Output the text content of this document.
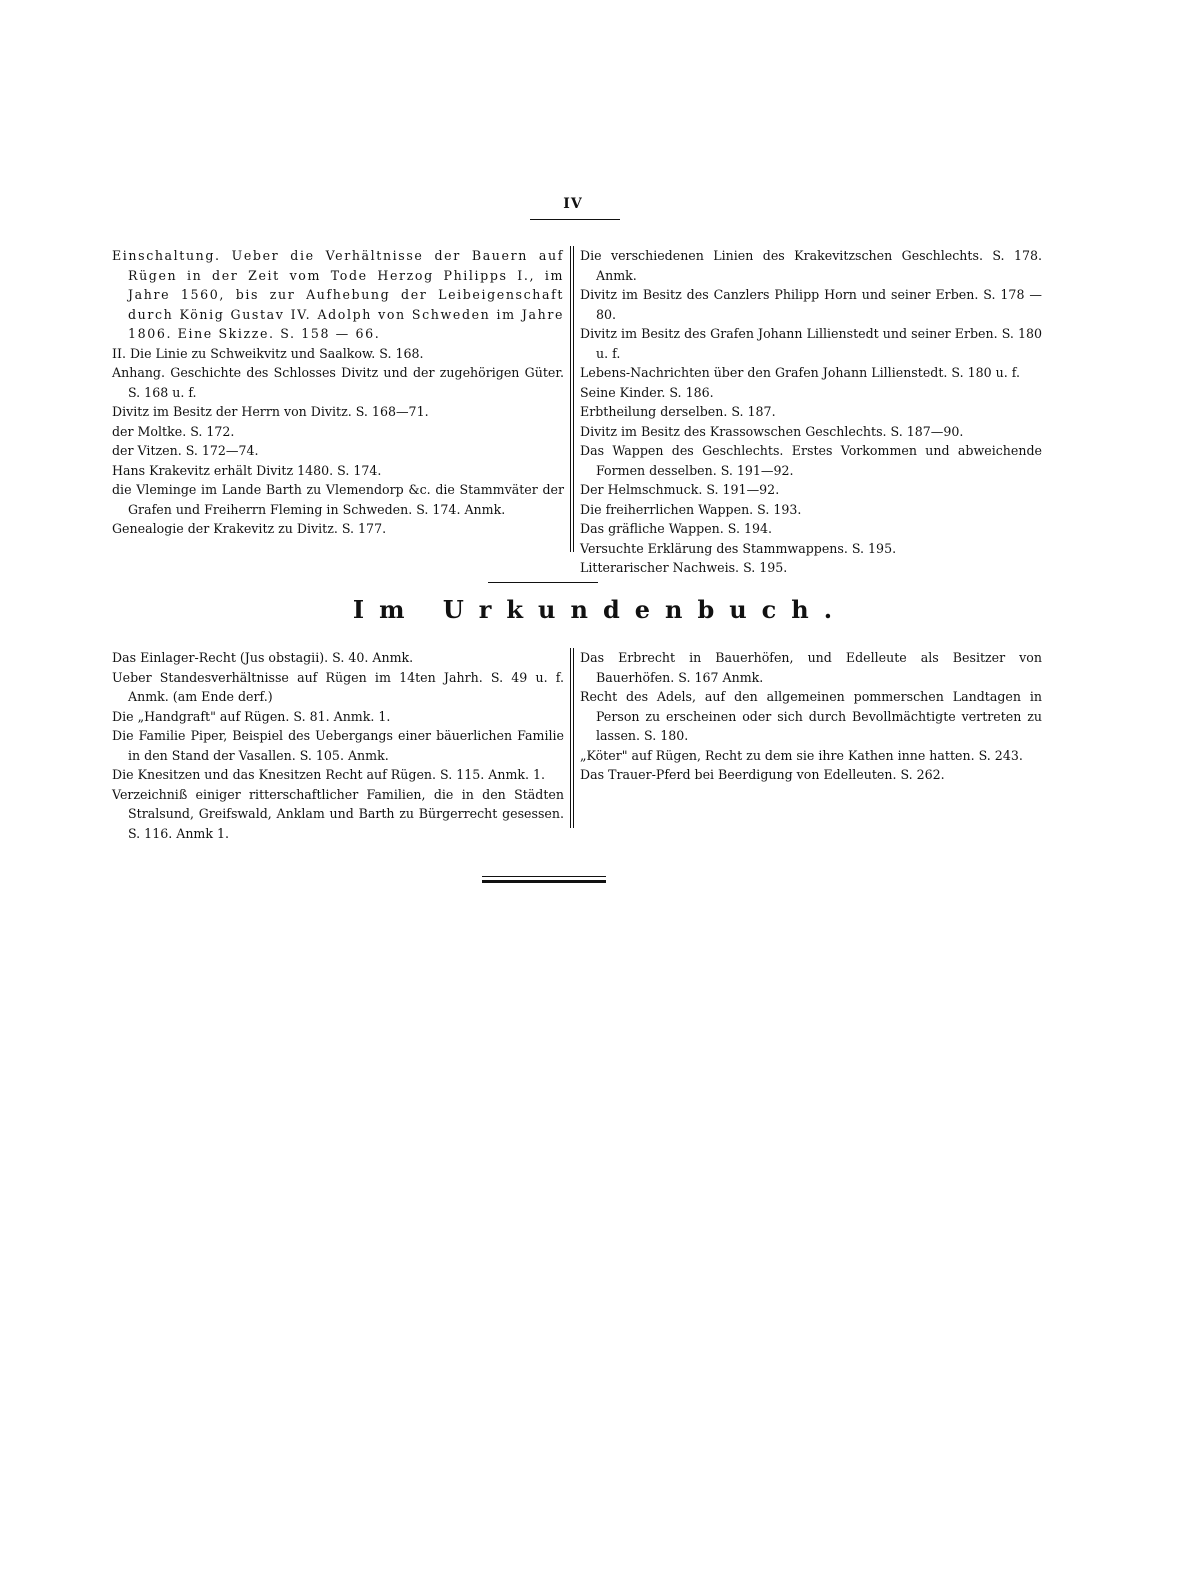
IV
Einschaltung. Ueber die Verhältnisse der Bauern auf Rügen in der Zeit vom Tode Herzog Philipps I., im Jahre 1560, bis zur Aufhebung der Leibeigenschaft durch König Gustav IV. Adolph von Schweden im Jahre 1806. Eine Skizze. S. 158 — 66.
II. Die Linie zu Schweikvitz und Saalkow. S. 168.
Anhang. Geschichte des Schlosses Divitz und der zugehörigen Güter. S. 168 u. f.
Divitz im Besitz der Herrn von Divitz. S. 168—71.
der Moltke. S. 172.
der Vitzen. S. 172—74.
Hans Krakevitz erhält Divitz 1480. S. 174.
die Vleminge im Lande Barth zu Vlemendorp &c. die Stammväter der Grafen und Freiherrn Fleming in Schweden. S. 174. Anmk.
Genealogie der Krakevitz zu Divitz. S. 177.
Die verschiedenen Linien des Krakevitzschen Geschlechts. S. 178. Anmk.
Divitz im Besitz des Canzlers Philipp Horn und seiner Erben. S. 178 — 80.
Divitz im Besitz des Grafen Johann Lillienstedt und seiner Erben. S. 180 u. f.
Lebens-Nachrichten über den Grafen Johann Lillienstedt. S. 180 u. f.
Seine Kinder. S. 186.
Erbtheilung derselben. S. 187.
Divitz im Besitz des Krassowschen Geschlechts. S. 187—90.
Das Wappen des Geschlechts. Erstes Vorkommen und abweichende Formen desselben. S. 191—92.
Der Helmschmuck. S. 191—92.
Die freiherrlichen Wappen. S. 193.
Das gräfliche Wappen. S. 194.
Versuchte Erklärung des Stammwappens. S. 195.
Litterarischer Nachweis. S. 195.
Im Urkundenbuch.
Das Einlager-Recht (Jus obstagii). S. 40. Anmk.
Ueber Standesverhältnisse auf Rügen im 14ten Jahrh. S. 49 u. f. Anmk. (am Ende derf.)
Die „Handgraft" auf Rügen. S. 81. Anmk. 1.
Die Familie Piper, Beispiel des Uebergangs einer bäuerlichen Familie in den Stand der Vasallen. S. 105. Anmk.
Die Knesitzen und das Knesitzen Recht auf Rügen. S. 115. Anmk. 1.
Verzeichniß einiger ritterschaftlicher Familien, die in den Städten Stralsund, Greifswald, Anklam und Barth zu Bürgerrecht gesessen. S. 116. Anmk 1.
Das Erbrecht in Bauerhöfen, und Edelleute als Besitzer von Bauerhöfen. S. 167 Anmk.
Recht des Adels, auf den allgemeinen pommerschen Landtagen in Person zu erscheinen oder sich durch Bevollmächtigte vertreten zu lassen. S. 180.
„Köter" auf Rügen, Recht zu dem sie ihre Kathen inne hatten. S. 243.
Das Trauer-Pferd bei Beerdigung von Edelleuten. S. 262.
